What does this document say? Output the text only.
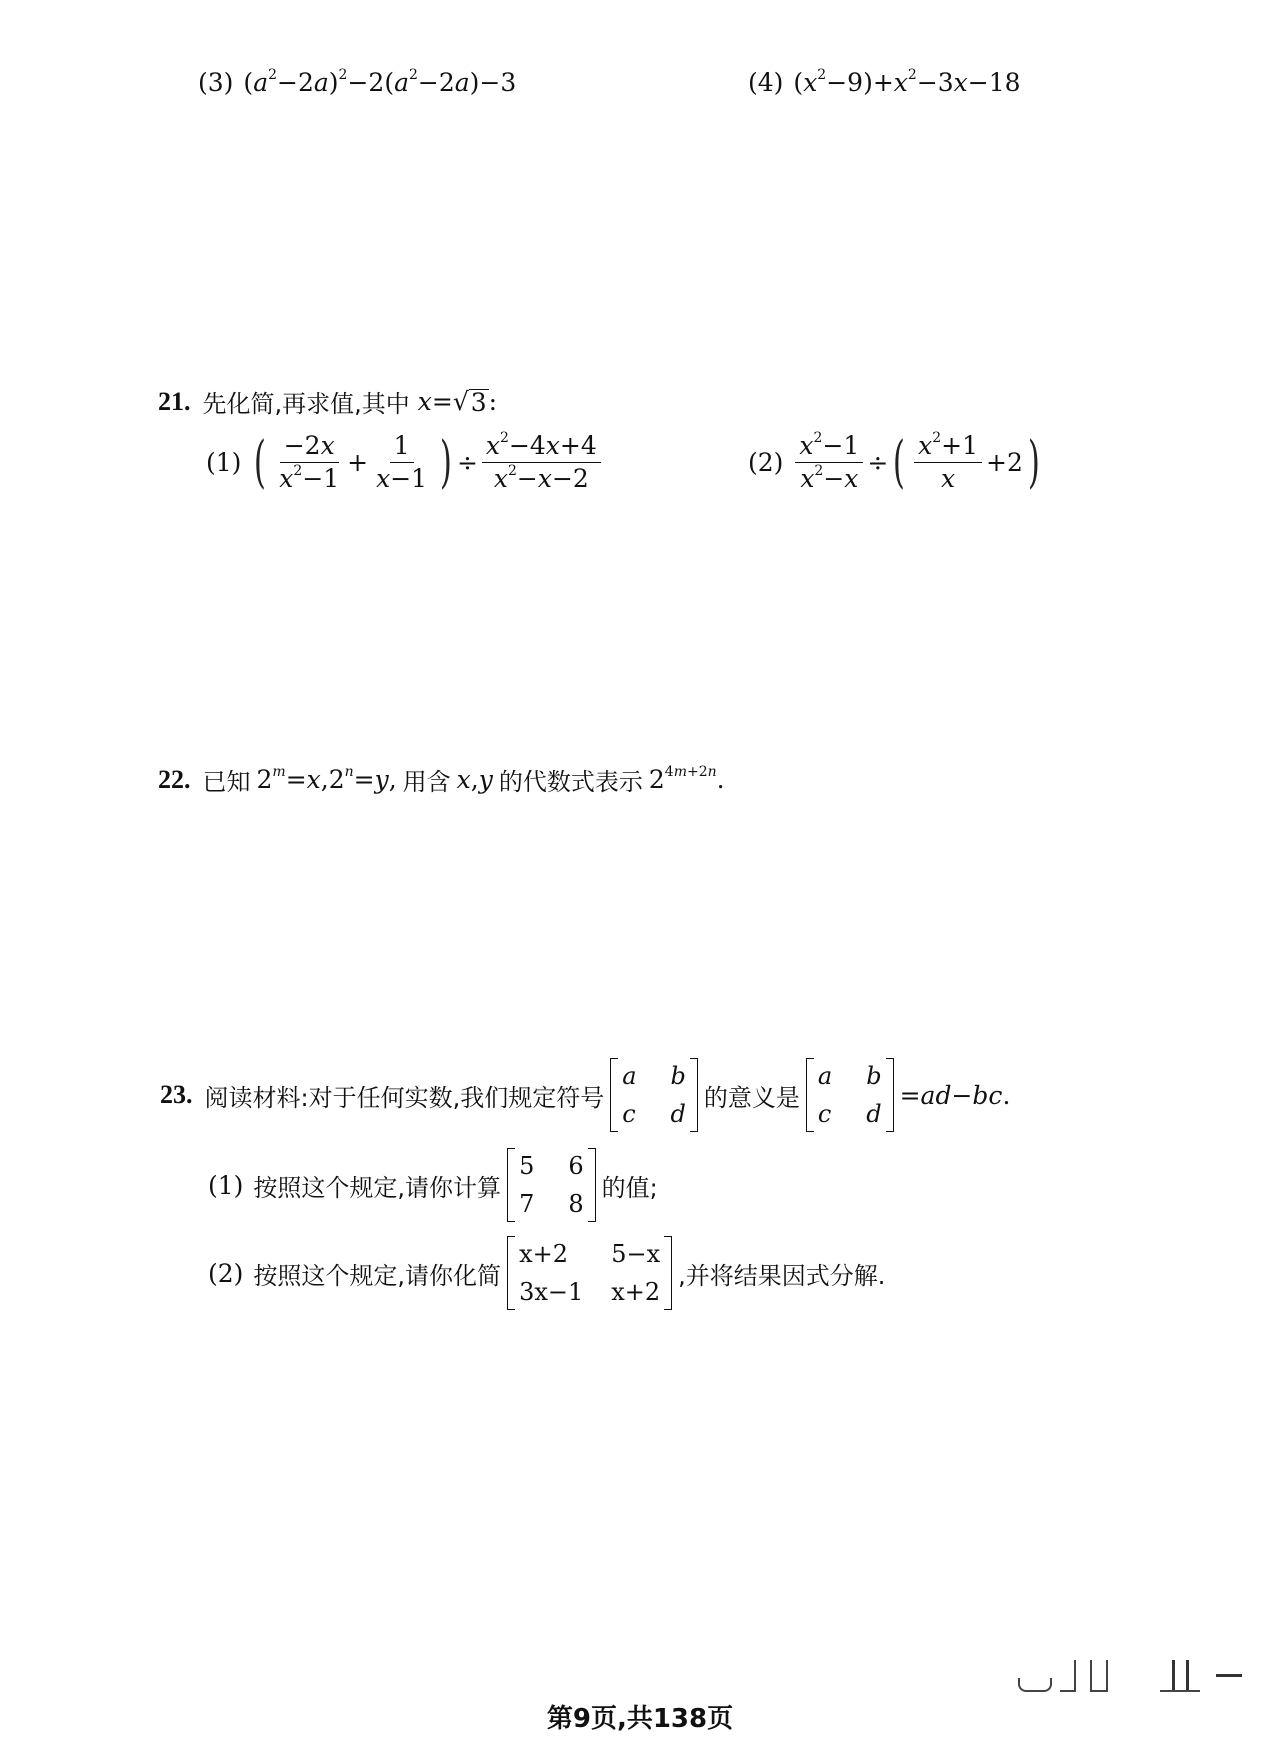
(3) $(a^2-2a)^2-2(a^2-2a)-3$	(4) $(x^2-9)+x^2-3x-18$
21. 先化简,再求值,其中 x=√ 3 :
(1) ( $\frac{-2x}{x^2-1} + \frac{1}{x-1}$ ) ÷ $\frac{x^2-4x+4}{x^2-x-2}$	$(2) \frac{x^2-1}{x^2-x}$ ÷ ( $\frac{x^2+1}{x} +2$ )
22. 已知 $2^m=x,2^n=y$, 用含 x,y 的代数式表示 $2^{4m+2n}$.
23. 阅读材料:对于任何实数,我们规定符号
a b
c d
的意义是
a b
c d
=ad−bc.
(1) 按照这个规定,请你计算
5 6
7 8
的值;
(2) 按照这个规定,请你化简
x+2	5−x
3x−1 x+2
,并将结果因式分解.
第9页,共138页
